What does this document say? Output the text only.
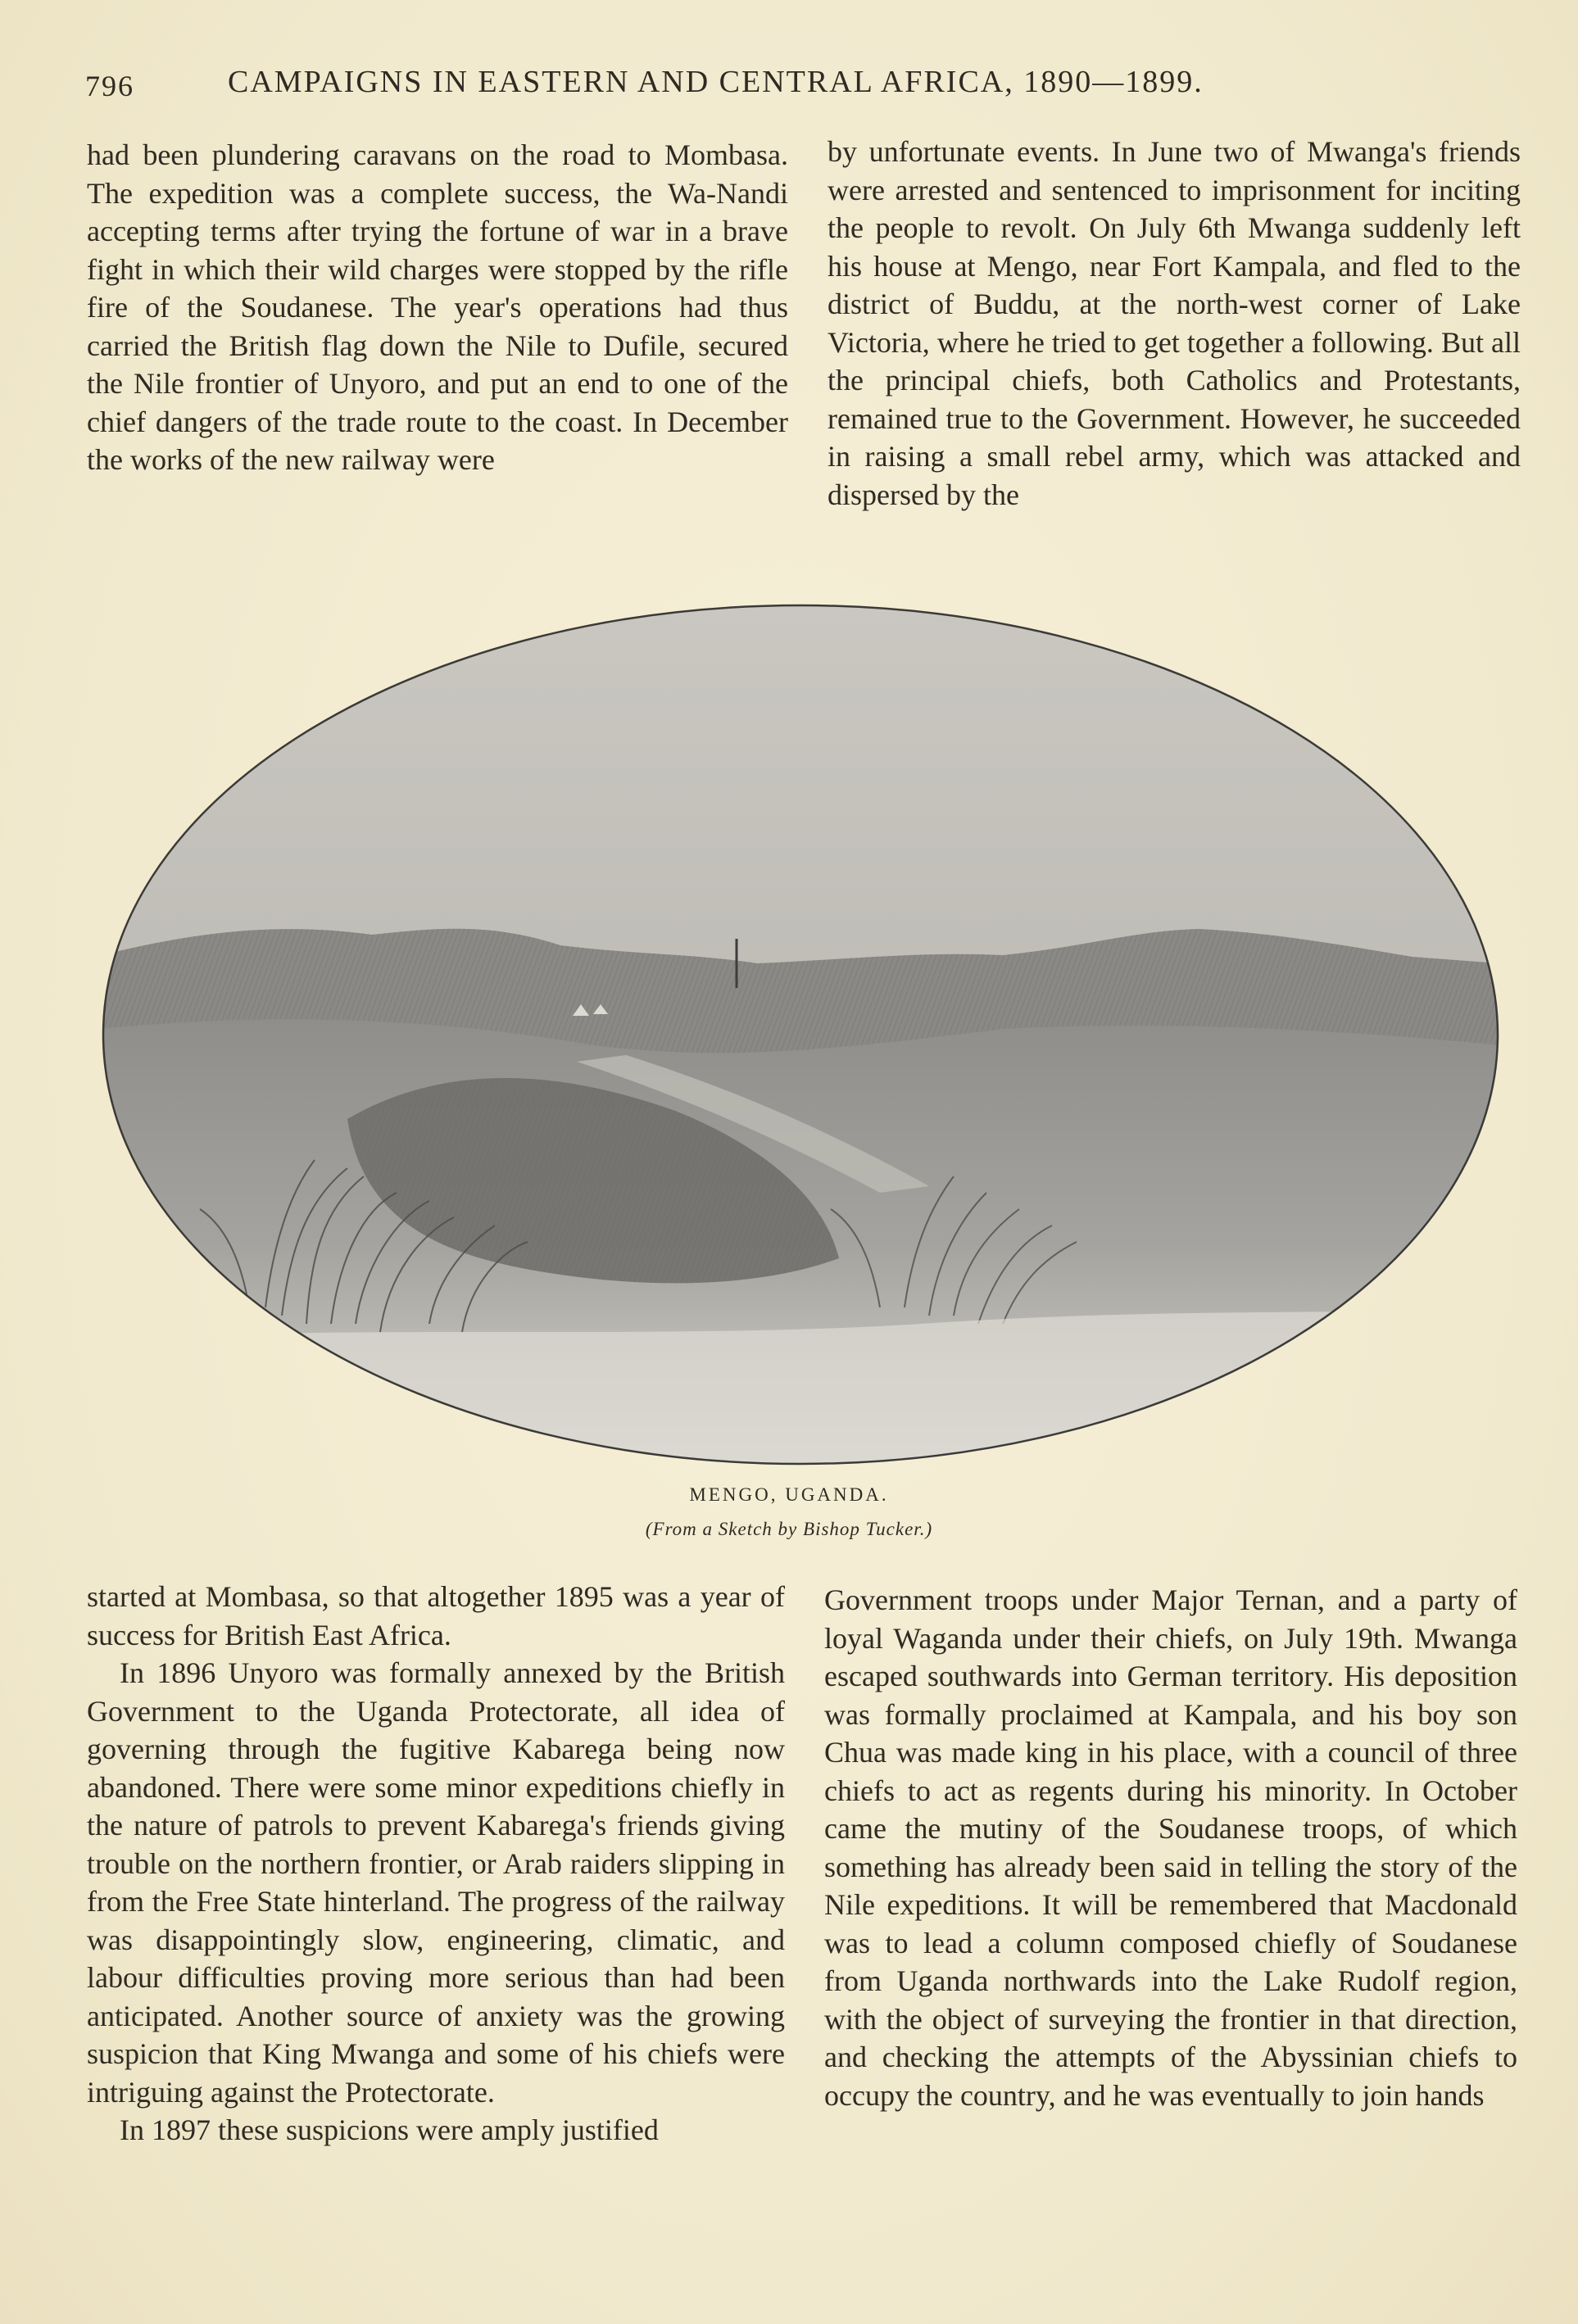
796	CAMPAIGNS IN EASTERN AND CENTRAL AFRICA, 1890—1899.

had been plundering caravans on the road to Mombasa. The expedition was a complete success, the Wa-Nandi accepting terms after trying the fortune of war in a brave fight in which their wild charges were stopped by the rifle fire of the Soudanese. The year's operations had thus carried the British flag down the Nile to Dufile, secured the Nile frontier of Unyoro, and put an end to one of the chief dangers of the trade route to the coast. In December the works of the new railway were

by unfortunate events. In June two of Mwanga's friends were arrested and sentenced to imprisonment for inciting the people to revolt. On July 6th Mwanga suddenly left his house at Mengo, near Fort Kampala, and fled to the district of Buddu, at the north-west corner of Lake Victoria, where he tried to get together a following. But all the principal chiefs, both Catholics and Protestants, remained true to the Government. However, he succeeded in raising a small rebel army, which was attacked and dispersed by the

MENGO, UGANDA.
(From a Sketch by Bishop Tucker.)

started at Mombasa, so that altogether 1895 was a year of success for British East Africa.

In 1896 Unyoro was formally annexed by the British Government to the Uganda Protectorate, all idea of governing through the fugitive Kabarega being now abandoned. There were some minor expeditions chiefly in the nature of patrols to prevent Kabarega's friends giving trouble on the northern frontier, or Arab raiders slipping in from the Free State hinterland. The progress of the railway was disappointingly slow, engineering, climatic, and labour difficulties proving more serious than had been anticipated. Another source of anxiety was the growing suspicion that King Mwanga and some of his chiefs were intriguing against the Protectorate.

In 1897 these suspicions were amply justified

Government troops under Major Ternan, and a party of loyal Waganda under their chiefs, on July 19th. Mwanga escaped southwards into German territory. His deposition was formally proclaimed at Kampala, and his boy son Chua was made king in his place, with a council of three chiefs to act as regents during his minority. In October came the mutiny of the Soudanese troops, of which something has already been said in telling the story of the Nile expeditions. It will be remembered that Macdonald was to lead a column composed chiefly of Soudanese from Uganda northwards into the Lake Rudolf region, with the object of surveying the frontier in that direction, and checking the attempts of the Abyssinian chiefs to occupy the country, and he was eventually to join hands
